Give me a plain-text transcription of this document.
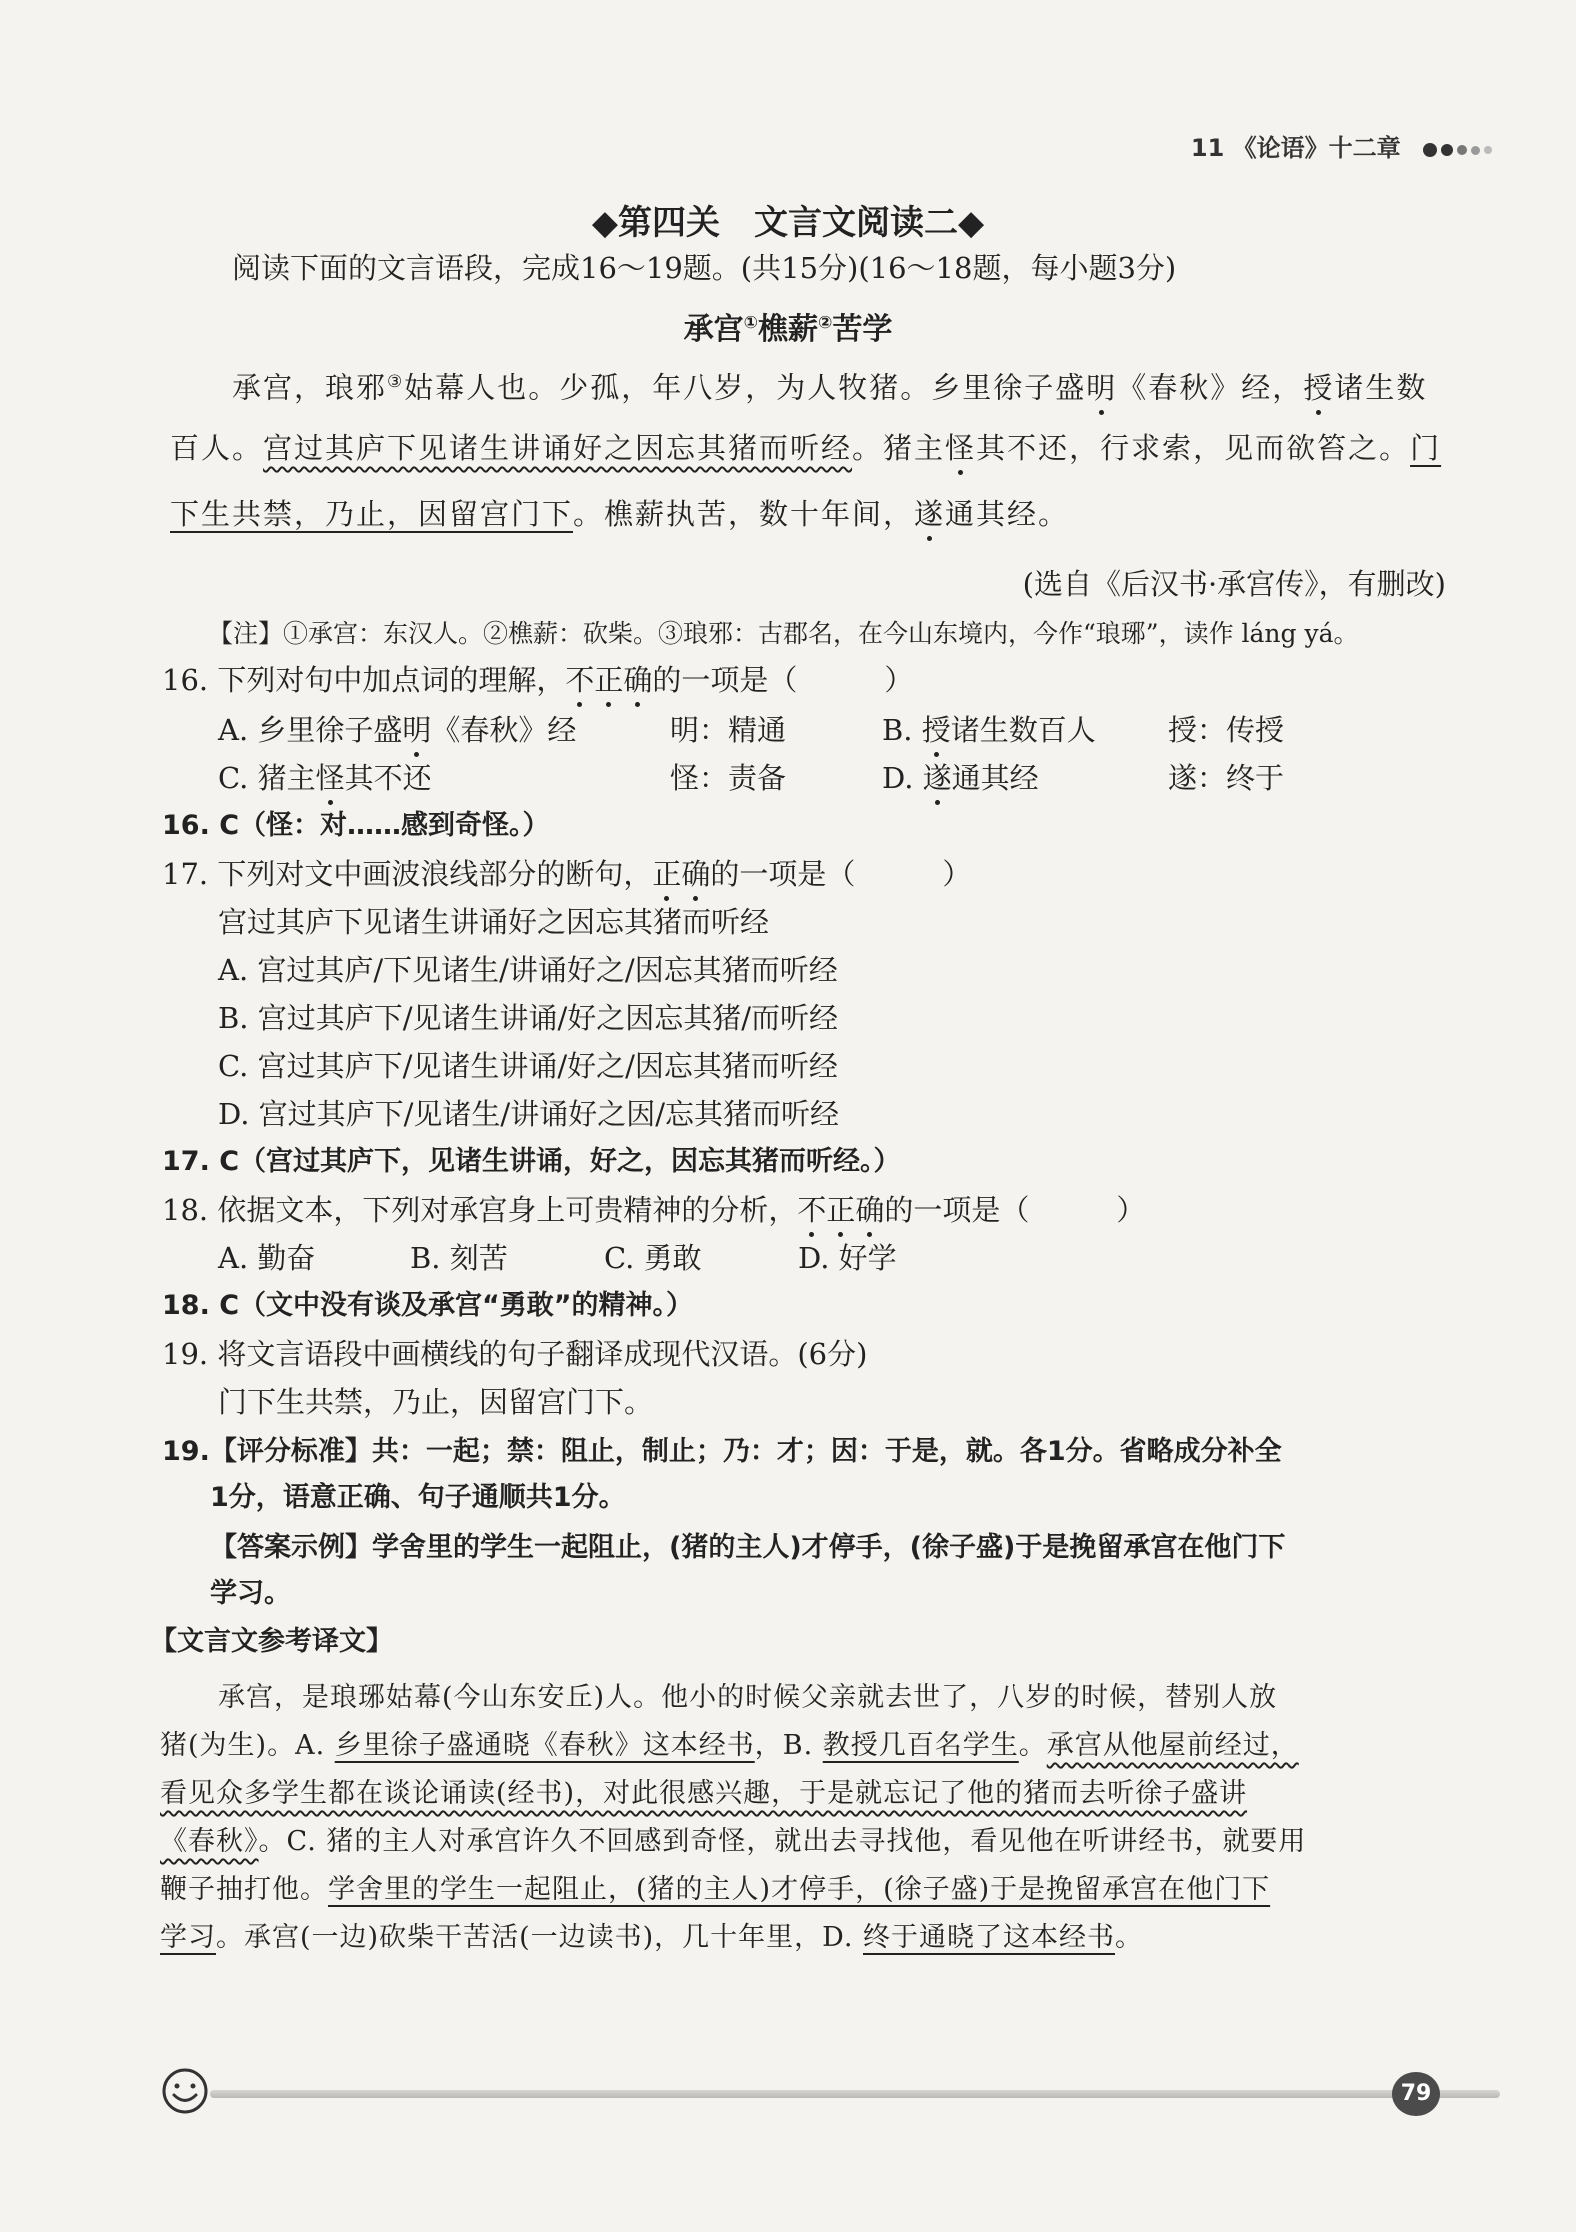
11 《论语》十二章
◆第四关　文言文阅读二◆
阅读下面的文言语段，完成16～19题。(共15分)(16～18题，每小题3分)
承宫①樵薪②苦学
承宫，琅邪③姑幕人也。少孤，年八岁，为人牧猪。乡里徐子盛明《春秋》经，授诸生数
百人。宫过其庐下见诸生讲诵好之因忘其猪而听经。猪主怪其不还，行求索，见而欲笞之。门
下生共禁，乃止，因留宫门下。樵薪执苦，数十年间，遂通其经。
(选自《后汉书·承宫传》，有删改)
【注】①承宫：东汉人。②樵薪：砍柴。③琅邪：古郡名，在今山东境内，今作“琅琊”，读作 láng yá。
16. 下列对句中加点词的理解，不正确的一项是（　　　）
A. 乡里徐子盛明《春秋》经	明：精通	B. 授诸生数百人 授：传授
C. 猪主怪其不还	怪：责备	D. 遂通其经	遂：终于
16. C（怪：对……感到奇怪。）
17. 下列对文中画波浪线部分的断句，正确的一项是（　　　）
宫过其庐下见诸生讲诵好之因忘其猪而听经
A. 宫过其庐/下见诸生/讲诵好之/因忘其猪而听经
B. 宫过其庐下/见诸生讲诵/好之因忘其猪/而听经
C. 宫过其庐下/见诸生讲诵/好之/因忘其猪而听经
D. 宫过其庐下/见诸生/讲诵好之因/忘其猪而听经
17. C（宫过其庐下，见诸生讲诵，好之，因忘其猪而听经。）
18. 依据文本，下列对承宫身上可贵精神的分析，不正确的一项是（　　　）
A. 勤奋	B. 刻苦	C. 勇敢	D. 好学
18. C（文中没有谈及承宫“勇敢”的精神。）
19. 将文言语段中画横线的句子翻译成现代汉语。(6分)
门下生共禁，乃止，因留宫门下。
19.【评分标准】共：一起；禁：阻止，制止；乃：才；因：于是，就。各1分。省略成分补全
1分，语意正确、句子通顺共1分。
【答案示例】学舍里的学生一起阻止，(猪的主人)才停手，(徐子盛)于是挽留承宫在他门下
学习。
【文言文参考译文】
承宫，是琅琊姑幕(今山东安丘)人。他小的时候父亲就去世了，八岁的时候，替别人放
猪(为生)。A. 乡里徐子盛通晓《春秋》这本经书，B. 教授几百名学生。承宫从他屋前经过，
看见众多学生都在谈论诵读(经书)，对此很感兴趣，于是就忘记了他的猪而去听徐子盛讲
《春秋》。C. 猪的主人对承宫许久不回感到奇怪，就出去寻找他，看见他在听讲经书，就要用
鞭子抽打他。学舍里的学生一起阻止，(猪的主人)才停手，(徐子盛)于是挽留承宫在他门下
学习。承宫(一边)砍柴干苦活(一边读书)，几十年里，D. 终于通晓了这本经书。
79
